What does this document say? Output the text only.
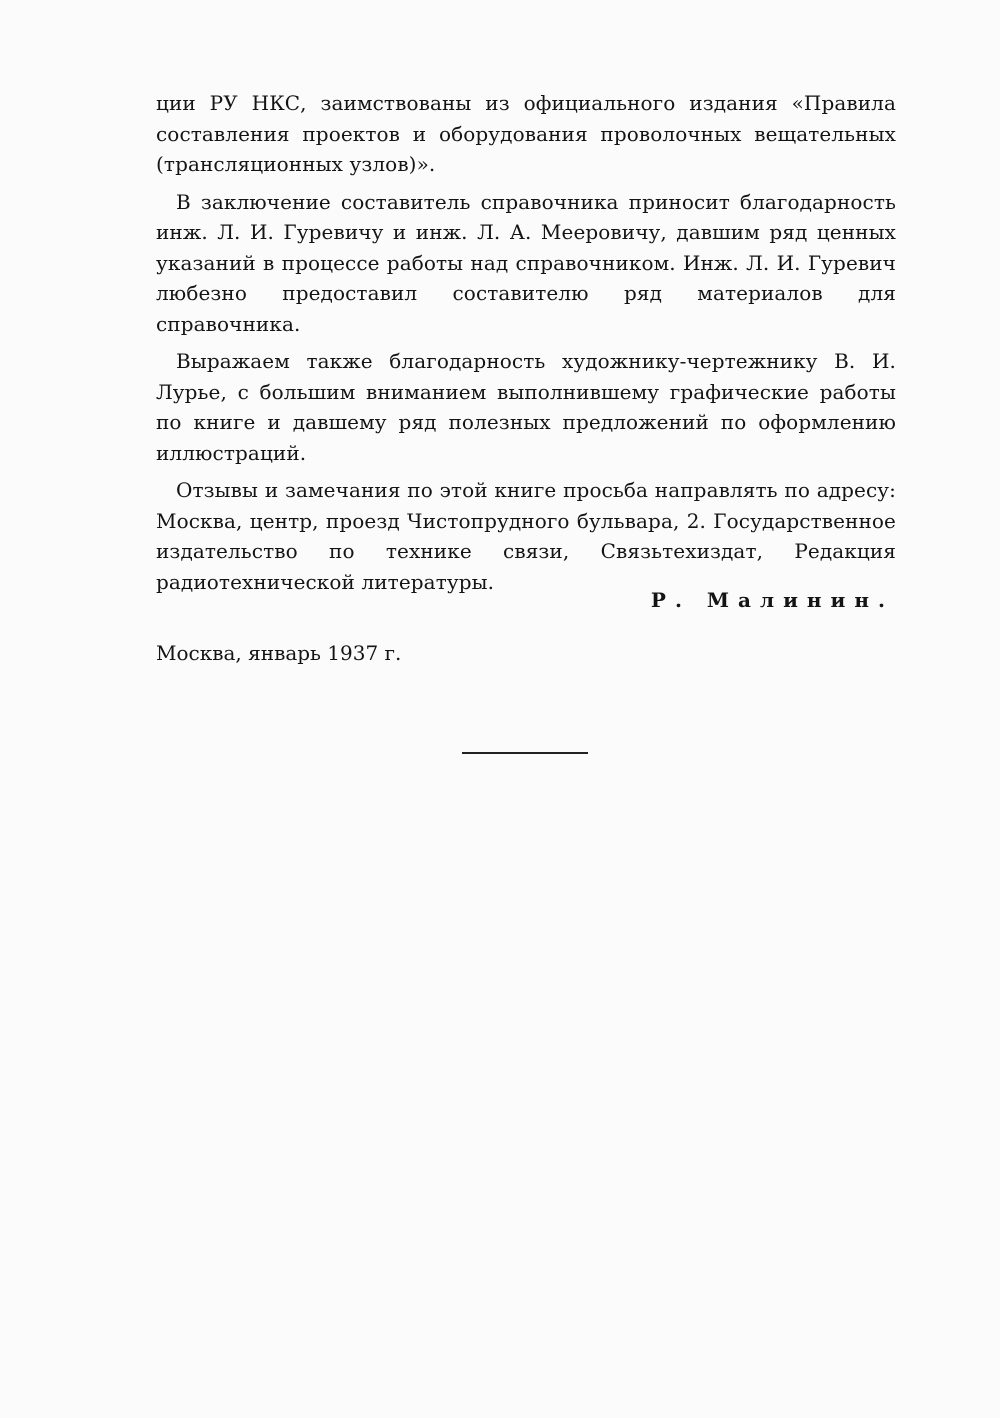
ции РУ НКС, заимствованы из официального издания «Правила составления проектов и оборудования проволочных вещательных (трансляционных узлов)».

В заключение составитель справочника приносит благодарность инж. Л. И. Гуревичу и инж. Л. А. Мееровичу, давшим ряд ценных указаний в процессе работы над справочником. Инж. Л. И. Гуревич любезно предоставил составителю ряд материалов для справочника.

Выражаем также благодарность художнику-чертежнику В. И. Лурье, с большим вниманием выполнившему графические работы по книге и давшему ряд полезных предложений по оформлению иллюстраций.

Отзывы и замечания по этой книге просьба направлять по адресу: Москва, центр, проезд Чистопрудного бульвара, 2. Государственное издательство по технике связи, Связьтехиздат, Редакция радиотехнической литературы.

Р. Малинин.
Москва, январь 1937 г.
